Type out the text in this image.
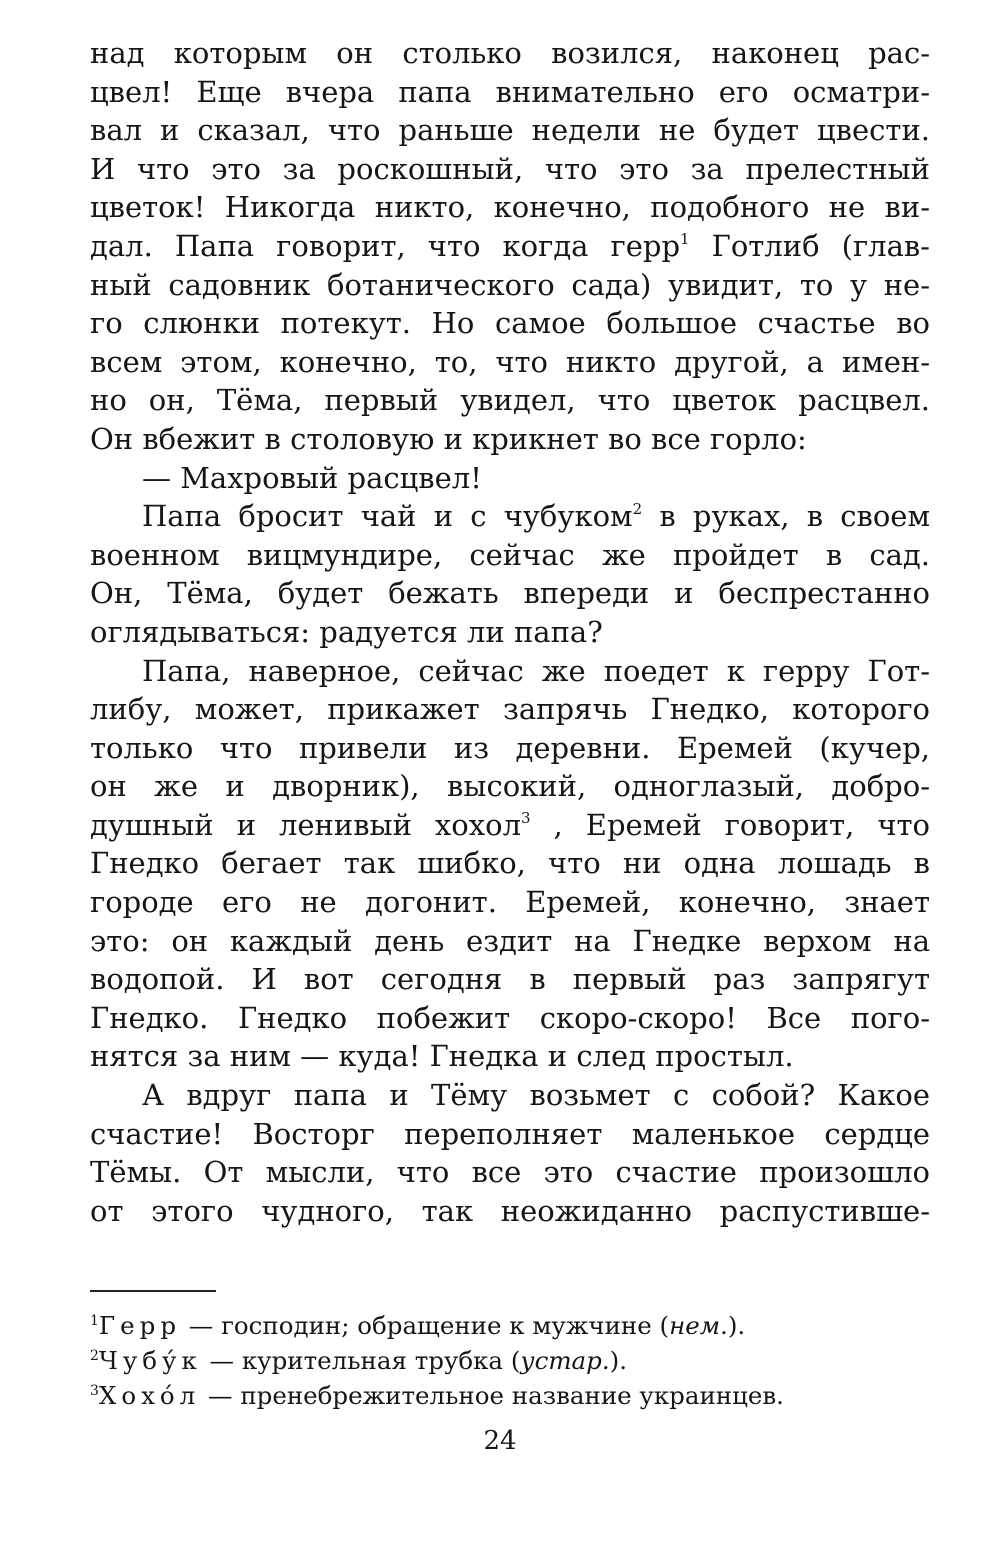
над которым он столько возился, наконец рас-
цвел! Еще вчера папа внимательно его осматри-
вал и сказал, что раньше недели не будет цвести.
И что это за роскошный, что это за прелестный
цветок! Никогда никто, конечно, подобного не ви-
дал. Папа говорит, что когда герр$^1$ Готлиб (глав-
ный садовник ботанического сада) увидит, то у не-
го слюнки потекут. Но самое большое счастье во
всем этом, конечно, то, что никто другой, а имен-
но он, Тёма, первый увидел, что цветок расцвел.
Он вбежит в столовую и крикнет во все горло:
— Махровый расцвел!
Папа бросит чай и с чубуком$^2$ в руках, в своем
военном вицмундире, сейчас же пройдет в сад.
Он, Тёма, будет бежать впереди и беспрестанно
оглядываться: радуется ли папа?
Папа, наверное, сейчас же поедет к герру Гот-
либу, может, прикажет запрячь Гнедко, которого
только что привели из деревни. Еремей (кучер,
он же и дворник), высокий, одноглазый, добро-
душный и ленивый хохол$^3$ , Еремей говорит, что
Гнедко бегает так шибко, что ни одна лошадь в
городе его не догонит. Еремей, конечно, знает
это: он каждый день ездит на Гнедке верхом на
водопой. И вот сегодня в первый раз запрягут
Гнедко. Гнедко побежит скоро-скоро! Все пого-
нятся за ним — куда! Гнедка и след простыл.
А вдруг папа и Тёму возьмет с собой? Какое
счастие! Восторг переполняет маленькое сердце
Тёмы. От мысли, что все это счастие произошло
от этого чудного, так неожиданно распустивше-
$^1$Герр — господин; обращение к мужчине (нем.).
$^2$Чубу́к — курительная трубка (устар.).
$^3$Хохо́л — пренебрежительное название украинцев.
24
